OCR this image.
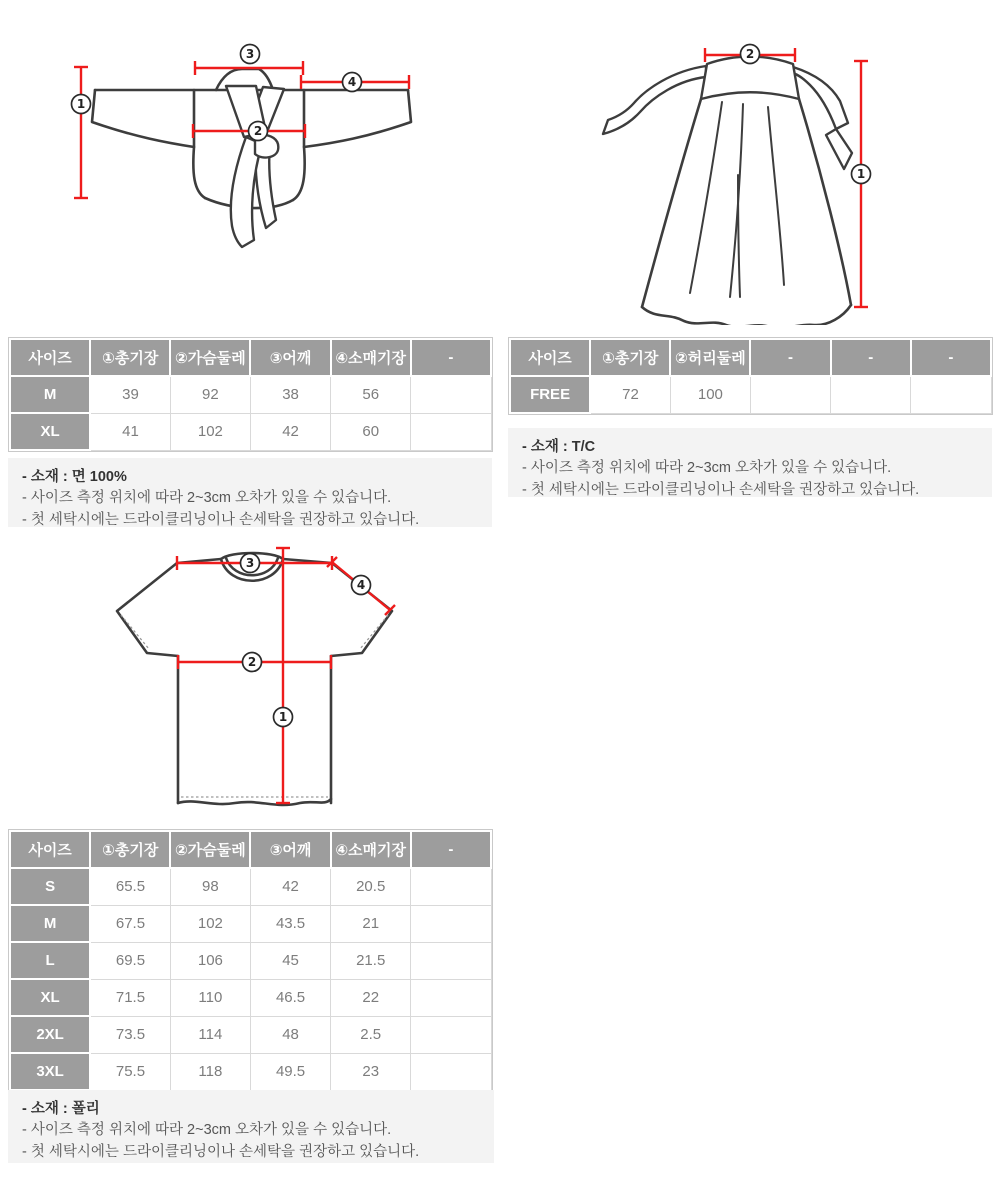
1
3
4
2
2
1
사이즈	①총기장	②가슴둘레	③어깨	④소매기장	-
M	39	92	38	56	
XL	41	102	42	60	
- 소재 : 면 100%
- 사이즈 측정 위치에 따라 2~3cm 오차가 있을 수 있습니다.
- 첫 세탁시에는 드라이클리닝이나 손세탁을 권장하고 있습니다.
사이즈	①총기장	②허리둘레	-	-	-
FREE	72	100			
- 소재 : T/C
- 사이즈 측정 위치에 따라 2~3cm 오차가 있을 수 있습니다.
- 첫 세탁시에는 드라이클리닝이나 손세탁을 권장하고 있습니다.
3
4
2
1
사이즈	①총기장	②가슴둘레	③어깨	④소매기장	-
S	65.5	98	42	20.5	
M	67.5	102	43.5	21	
L	69.5	106	45	21.5	
XL	71.5	110	46.5	22	
2XL	73.5	114	48	2.5	
3XL	75.5	118	49.5	23	
- 소재 : 폴리
- 사이즈 측정 위치에 따라 2~3cm 오차가 있을 수 있습니다.
- 첫 세탁시에는 드라이클리닝이나 손세탁을 권장하고 있습니다.
